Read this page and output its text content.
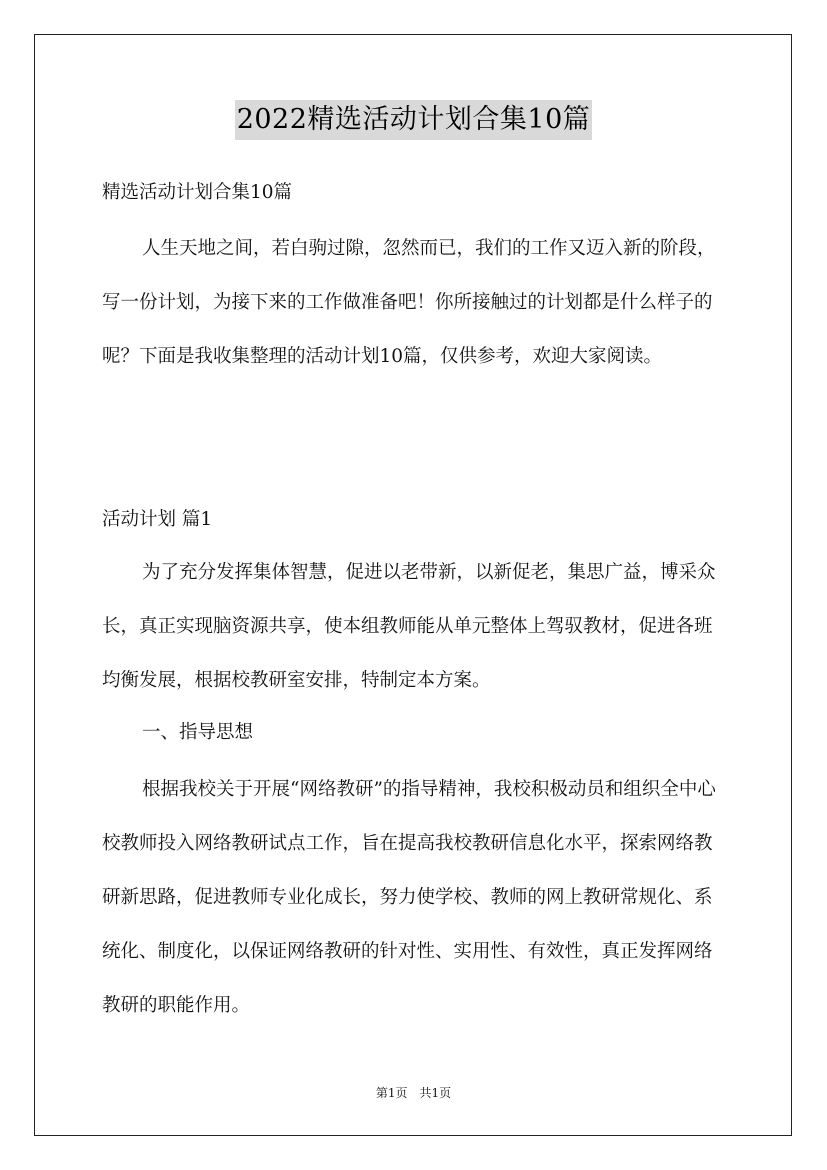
2022精选活动计划合集10篇

精选活动计划合集10篇

人生天地之间，若白驹过隙，忽然而已，我们的工作又迈入新的阶段，写一份计划，为接下来的工作做准备吧！你所接触过的计划都是什么样子的呢？下面是我收集整理的活动计划10篇，仅供参考，欢迎大家阅读。

活动计划 篇1

为了充分发挥集体智慧，促进以老带新，以新促老，集思广益，博采众长，真正实现脑资源共享，使本组教师能从单元整体上驾驭教材，促进各班均衡发展，根据校教研室安排，特制定本方案。

一、指导思想

根据我校关于开展“网络教研”的指导精神，我校积极动员和组织全中心校教师投入网络教研试点工作，旨在提高我校教研信息化水平，探索网络教研新思路，促进教师专业化成长，努力使学校、教师的网上教研常规化、系统化、制度化，以保证网络教研的针对性、实用性、有效性，真正发挥网络教研的职能作用。

第1页　共1页
